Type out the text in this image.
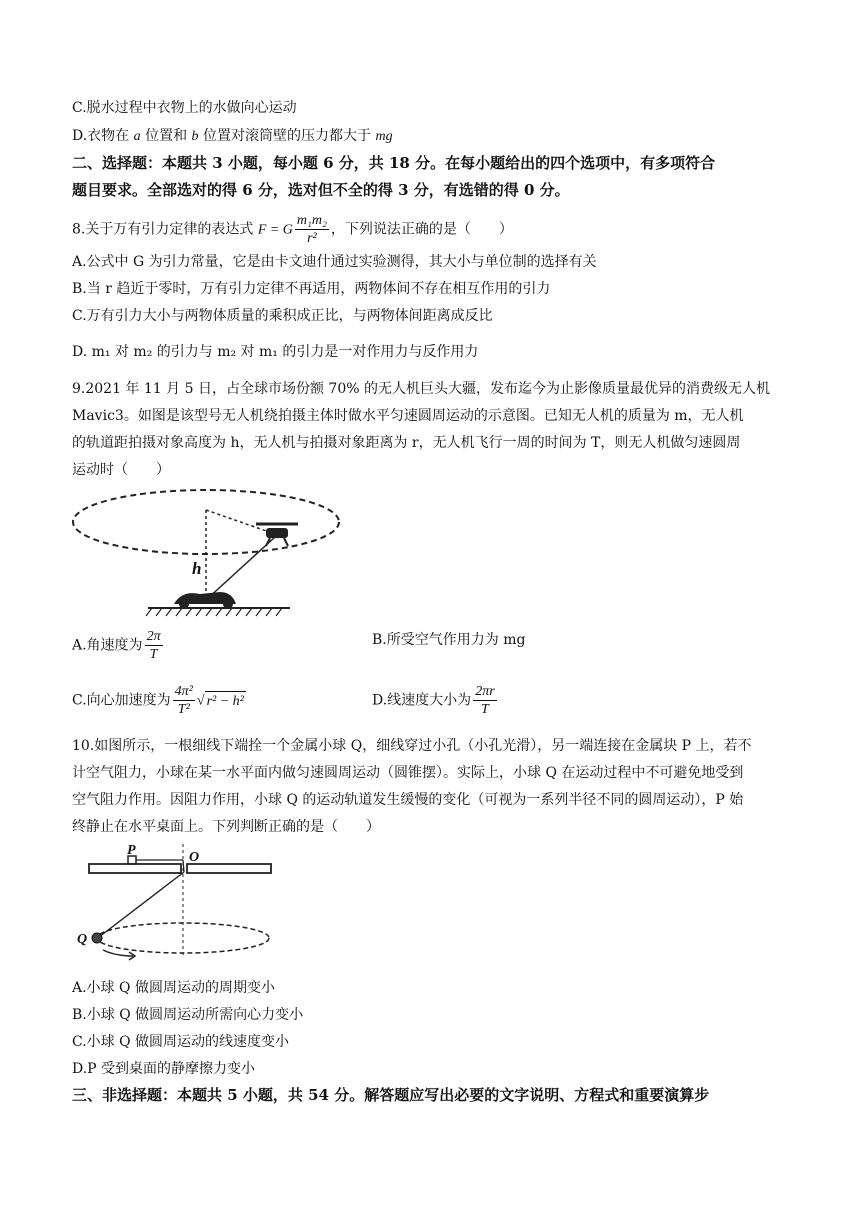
C.脱水过程中衣物上的水做向心运动
D.衣物在 a 位置和 b 位置对滚筒壁的压力都大于 mg
二、选择题：本题共 3 小题，每小题 6 分，共 18 分。在每小题给出的四个选项中，有多项符合
题目要求。全部选对的得 6 分，选对但不全的得 3 分，有选错的得 0 分。
8.关于万有引力定律的表达式 F = G $\frac{\text{m₁m₂}}{\text{r²}}$ ，下列说法正确的是（　　）
A.公式中 G 为引力常量，它是由卡文迪什通过实验测得，其大小与单位制的选择有关
B.当 r 趋近于零时，万有引力定律不再适用，两物体间不存在相互作用的引力
C.万有引力大小与两物体质量的乘积成正比，与两物体间距离成反比
D. m₁ 对 m₂ 的引力与 m₂ 对 m₁ 的引力是一对作用力与反作用力
9.2021 年 11 月 5 日，占全球市场份额 70% 的无人机巨头大疆，发布迄今为止影像质量最优异的消费级无人机
Mavic3。如图是该型号无人机绕拍摄主体时做水平匀速圆周运动的示意图。已知无人机的质量为 m，无人机
的轨道距拍摄对象高度为 h，无人机与拍摄对象距离为 r，无人机飞行一周的时间为 T，则无人机做匀速圆周
运动时（　　）
h
A.角速度为 $\frac{2\pi}{T}$	B.所受空气作用力为 mg
C.向心加速度为 $\frac{\text{4π²}}{\text{T²}}$ √ r² − h²	D.线速度大小为 $\frac{2\pi r}{T}$
10.如图所示，一根细线下端拴一个金属小球 Q，细线穿过小孔（小孔光滑），另一端连接在金属块 P 上，若不
计空气阻力，小球在某一水平面内做匀速圆周运动（圆锥摆）。实际上，小球 Q 在运动过程中不可避免地受到
空气阻力作用。因阻力作用，小球 Q 的运动轨道发生缓慢的变化（可视为一系列半径不同的圆周运动），P 始
终静止在水平桌面上。下列判断正确的是（　　）
P	O
Q
A.小球 Q 做圆周运动的周期变小
B.小球 Q 做圆周运动所需向心力变小
C.小球 Q 做圆周运动的线速度变小
D.P 受到桌面的静摩擦力变小
三、非选择题：本题共 5 小题，共 54 分。解答题应写出必要的文字说明、方程式和重要演算步
